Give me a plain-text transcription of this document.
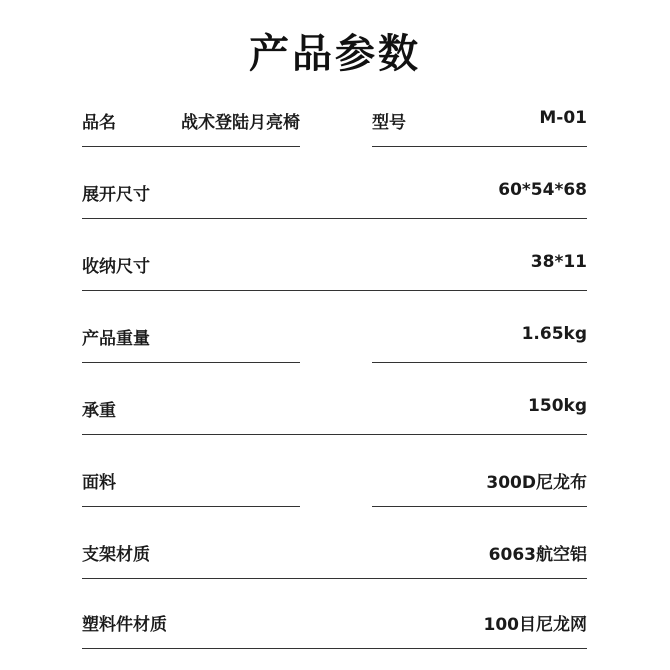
产品参数
品名	战术登陆月亮椅	型号	M-01
展开尺寸	60*54*68
收纳尺寸	38*11
产品重量	1.65kg
承重	150kg
面料	300D尼龙布
支架材质	6063航空铝
塑料件材质	100目尼龙网
